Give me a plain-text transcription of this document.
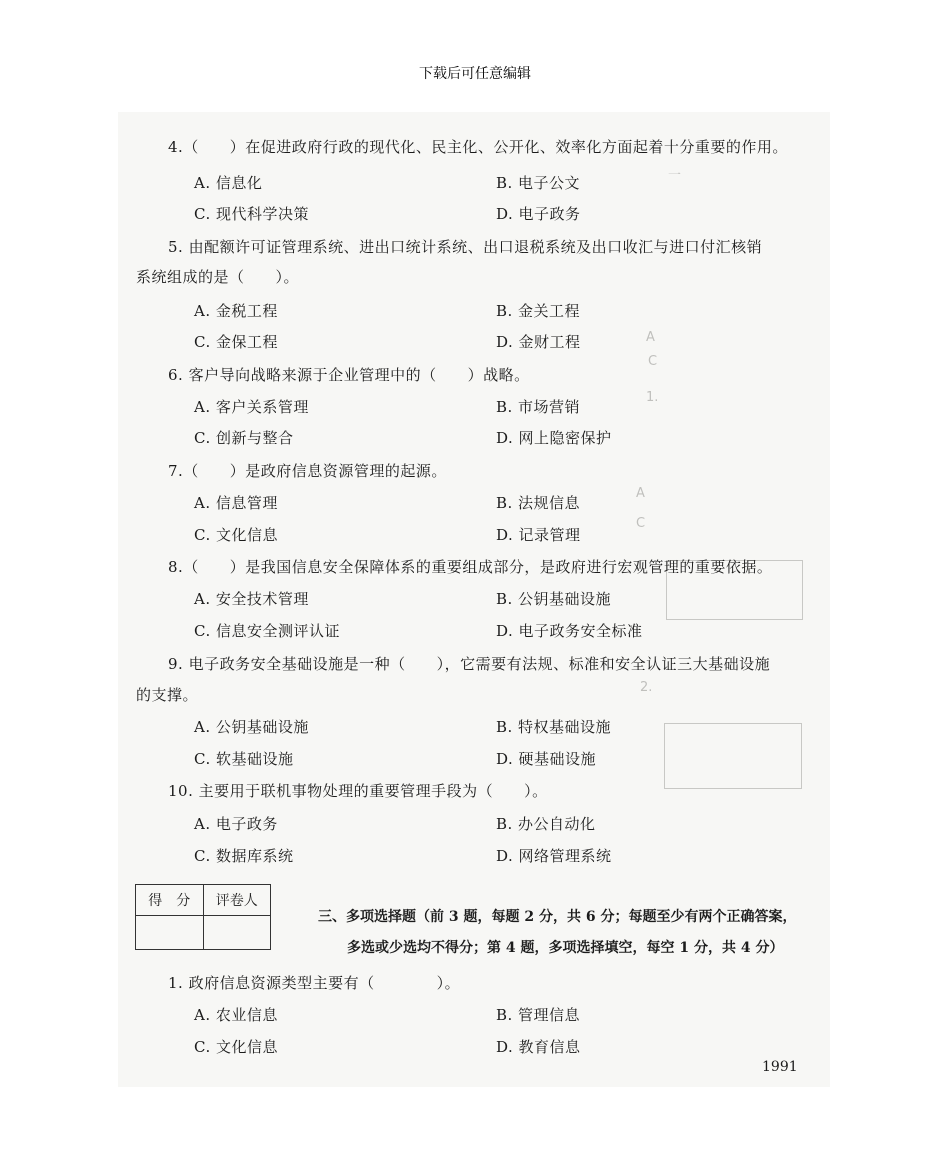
一
A
C
1.
A
C
2.
下载后可任意编辑
4.（　　）在促进政府行政的现代化、民主化、公开化、效率化方面起着十分重要的作用。
A. 信息化	B. 电子公文
C. 现代科学决策	D. 电子政务
5. 由配额许可证管理系统、进出口统计系统、出口退税系统及出口收汇与进口付汇核销
系统组成的是（　　）。
A. 金税工程	B. 金关工程
C. 金保工程	D. 金财工程
6. 客户导向战略来源于企业管理中的（　　）战略。
A. 客户关系管理	B. 市场营销
C. 创新与整合	D. 网上隐密保护
7.（　　）是政府信息资源管理的起源。
A. 信息管理	B. 法规信息
C. 文化信息	D. 记录管理
8.（　　）是我国信息安全保障体系的重要组成部分，是政府进行宏观管理的重要依据。
A. 安全技术管理	B. 公钥基础设施
C. 信息安全测评认证	D. 电子政务安全标准
9. 电子政务安全基础设施是一种（　　），它需要有法规、标准和安全认证三大基础设施
的支撑。
A. 公钥基础设施	B. 特权基础设施
C. 软基础设施	D. 硬基础设施
10. 主要用于联机事物处理的重要管理手段为（　　）。
A. 电子政务	B. 办公自动化
C. 数据库系统	D. 网络管理系统
得　分	评卷人

三、多项选择题（前 3 题，每题 2 分，共 6 分；每题至少有两个正确答案，
多选或少选均不得分；第 4 题，多项选择填空，每空 1 分，共 4 分）
1. 政府信息资源类型主要有（　　　　）。
A. 农业信息	B. 管理信息
C. 文化信息	D. 教育信息
1991
